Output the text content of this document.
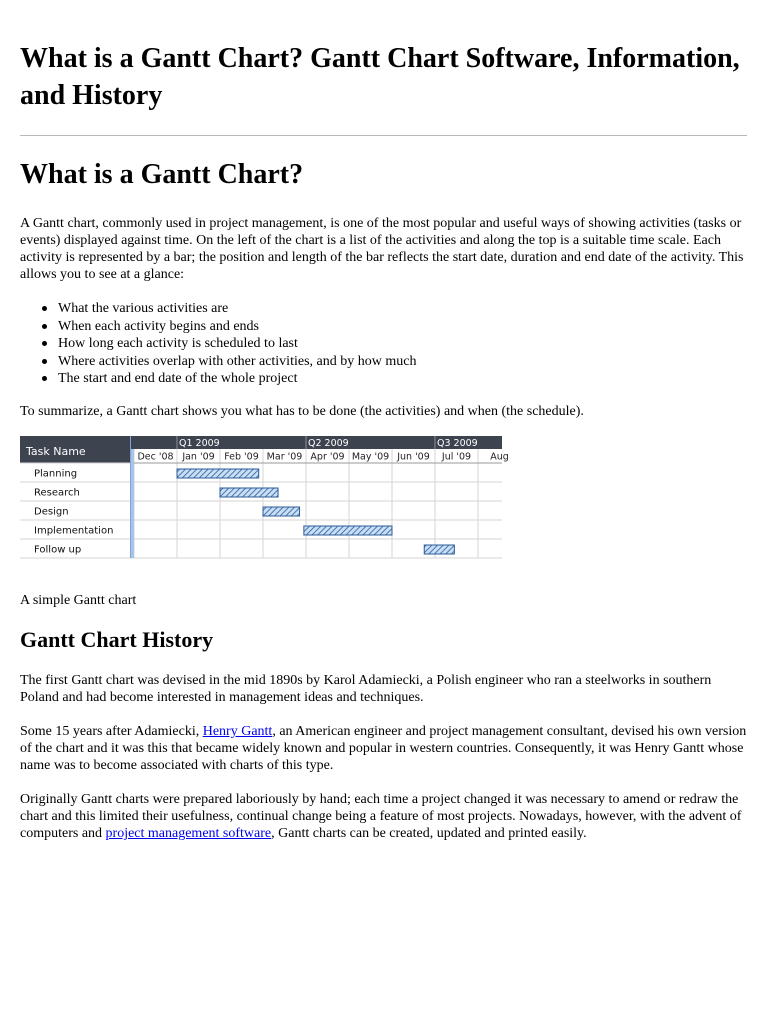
What is a Gantt Chart? Gantt Chart Software, Information, and History
What is a Gantt Chart?

A Gantt chart, commonly used in project management, is one of the most popular and useful ways of showing activities (tasks or events) displayed against time. On the left of the chart is a list of the activities and along the top is a suitable time scale. Each activity is represented by a bar; the position and length of the bar reflects the start date, duration and end date of the activity. This allows you to see at a glance:

What the various activities are
When each activity begins and ends
How long each activity is scheduled to last
Where activities overlap with other activities, and by how much
The start and end date of the whole project

To summarize, a Gantt chart shows you what has to be done (the activities) and when (the schedule).

Q1 2009	Q2 2009	Q3 2009
Dec '08 Jan '09 Feb '09 Mar '09 Apr '09 May '09 Jun '09 Jul '09 Aug
Task Name
Planning
Research
Design
Implementation
Follow up

A simple Gantt chart

Gantt Chart History

The first Gantt chart was devised in the mid 1890s by Karol Adamiecki, a Polish engineer who ran a steelworks in southern Poland and had become interested in management ideas and techniques.

Some 15 years after Adamiecki, Henry Gantt, an American engineer and project management consultant, devised his own version of the chart and it was this that became widely known and popular in western countries. Consequently, it was Henry Gantt whose name was to become associated with charts of this type.

Originally Gantt charts were prepared laboriously by hand; each time a project changed it was necessary to amend or redraw the chart and this limited their usefulness, continual change being a feature of most projects. Nowadays, however, with the advent of computers and project management software, Gantt charts can be created, updated and printed easily.
